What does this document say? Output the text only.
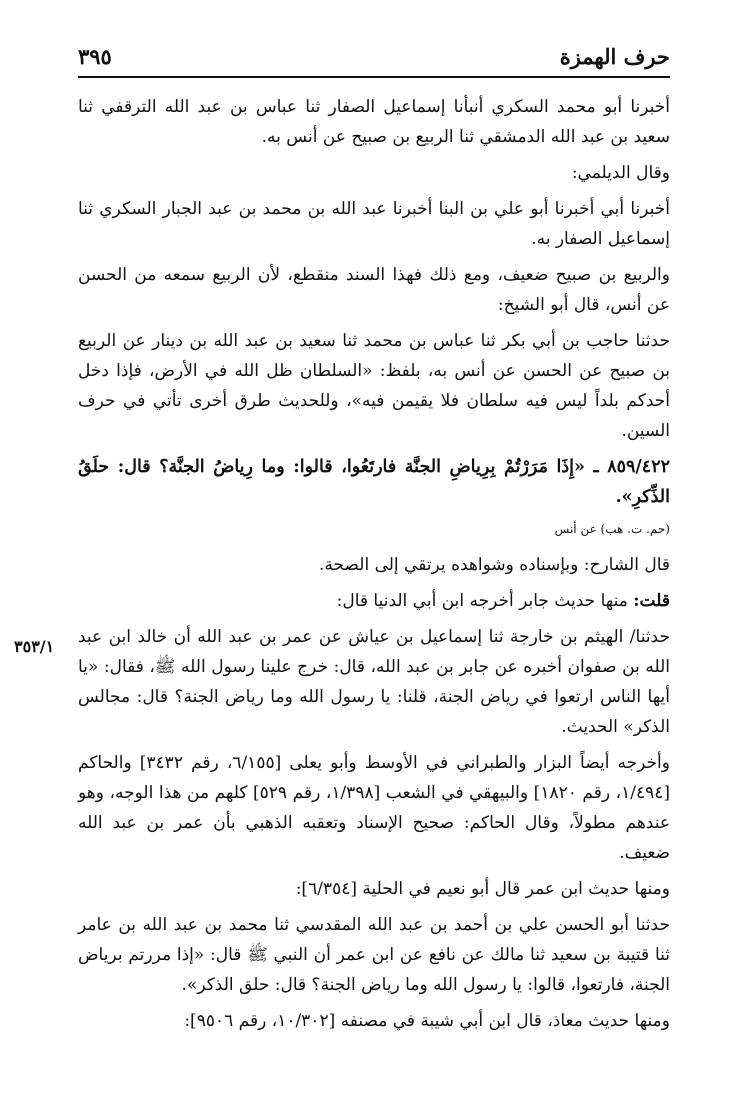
حرف الهمزة
٣٩٥
٣٥٣/١

أخبرنا أبو محمد السكري أنبأنا إسماعيل الصفار ثنا عباس بن عبد الله الترقفي ثنا سعيد بن عبد الله الدمشقي ثنا الربيع بن صبيح عن أنس به.

وقال الديلمي:

أخبرنا أبي أخبرنا أبو علي بن البنا أخبرنا عبد الله بن محمد بن عبد الجبار السكري ثنا إسماعيل الصفار به.

والربيع بن صبيح ضعيف، ومع ذلك فهذا السند منقطع، لأن الربيع سمعه من الحسن عن أنس، قال أبو الشيخ:

حدثنا حاجب بن أبي بكر ثنا عباس بن محمد ثنا سعيد بن عبد الله بن دينار عن الربيع بن صبيح عن الحسن عن أنس به، بلفظ: «السلطان ظل الله في الأرض، فإذا دخل أحدكم بلداً ليس فيه سلطان فلا يقيمن فيه»، وللحديث طرق أخرى تأتي في حرف السين.

٨٥٩/٤٢٢ ـ «إِذَا مَرَرْتُمْ بِرِياضِ الجنَّة فارتَعُوا، قالوا: وما رِياضُ الجنَّة؟ قال: حلَقُ الذِّكرِ».

(حم. ت. هب) عن أنس

قال الشارح: وبإسناده وشواهده يرتقي إلى الصحة.

قلت: منها حديث جابر أخرجه ابن أبي الدنيا قال:

حدثنا/ الهيثم بن خارجة ثنا إسماعيل بن عياش عن عمر بن عبد الله أن خالد ابن عبد الله بن صفوان أخبره عن جابر بن عبد الله، قال: خرج علينا رسول الله ﷺ، فقال: «يا أيها الناس ارتعوا في رياض الجنة، قلنا: يا رسول الله وما رياض الجنة؟ قال: مجالس الذكر» الحديث.

وأخرجه أيضاً البزار والطبراني في الأوسط وأبو يعلى [٦/١٥٥، رقم ٣٤٣٢] والحاكم [١/٤٩٤، رقم ١٨٢٠] والبيهقي في الشعب [١/٣٩٨، رقم ٥٢٩] كلهم من هذا الوجه، وهو عندهم مطولاً، وقال الحاكم: صحيح الإسناد وتعقبه الذهبي بأن عمر بن عبد الله ضعيف.

ومنها حديث ابن عمر قال أبو نعيم في الحلية [٦/٣٥٤]:

حدثنا أبو الحسن علي بن أحمد بن عبد الله المقدسي ثنا محمد بن عبد الله بن عامر ثنا قتيبة بن سعيد ثنا مالك عن نافع عن ابن عمر أن النبي ﷺ قال: «إذا مررتم برياض الجنة، فارتعوا، قالوا: يا رسول الله وما رياض الجنة؟ قال: حلق الذكر».

ومنها حديث معاذ، قال ابن أبي شيبة في مصنفه [١٠/٣٠٢، رقم ٩٥٠٦]:
